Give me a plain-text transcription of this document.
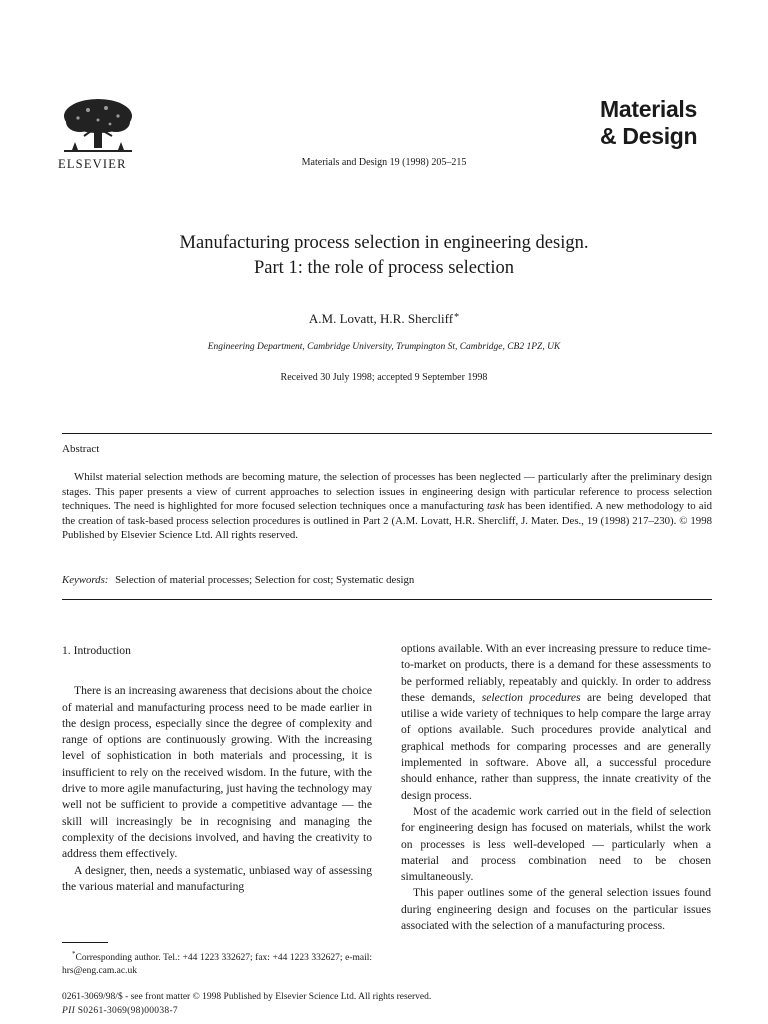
ELSEVIER	Materials and Design 19 (1998) 205–215
Materials
& Design
Manufacturing process selection in engineering design.
Part 1: the role of process selection
A.M. Lovatt, H.R. Shercliff*
Engineering Department, Cambridge University, Trumpington St, Cambridge, CB2 1PZ, UK
Received 30 July 1998; accepted 9 September 1998
Abstract
Whilst material selection methods are becoming mature, the selection of processes has been neglected — particularly after the preliminary design stages. This paper presents a view of current approaches to selection issues in engineering design with particular reference to process selection techniques. The need is highlighted for more focused selection techniques once a manufacturing task has been identified. A new methodology to aid the creation of task-based process selection procedures is outlined in Part 2 (A.M. Lovatt, H.R. Shercliff, J. Mater. Des., 19 (1998) 217–230). © 1998 Published by Elsevier Science Ltd. All rights reserved.
Keywords: Selection of material processes; Selection for cost; Systematic design

1. Introduction

There is an increasing awareness that decisions about the choice of material and manufacturing process need to be made earlier in the design process, especially since the degree of complexity and range of options are continuously growing. With the increasing level of sophistication in both materials and processing, it is insufficient to rely on the received wisdom. In the future, with the drive to more agile manufacturing, just having the technology may well not be sufficient to provide a competitive advantage — the skill will increasingly be in recognising and managing the complexity of the decisions involved, and having the creativity to address them effectively.

A designer, then, needs a systematic, unbiased way of assessing the various material and manufacturing

*Corresponding author. Tel.: +44 1223 332627; fax: +44 1223 332627; e-mail: hrs@eng.cam.ac.uk

options available. With an ever increasing pressure to reduce time-to-market on products, there is a demand for these assessments to be performed reliably, repeatably and quickly. In order to address these demands, selection procedures are being developed that utilise a wide variety of techniques to help compare the large array of options available. Such procedures provide analytical and graphical methods for comparing processes and are generally implemented in software. Above all, a successful procedure should enhance, rather than suppress, the innate creativity of the design process.

Most of the academic work carried out in the field of selection for engineering design has focused on materials, whilst the work on processes is less well-developed — particularly when a material and process combination need to be chosen simultaneously.

This paper outlines some of the general selection issues found during engineering design and focuses on the particular issues associated with the selection of a manufacturing process.

0261-3069/98/$ - see front matter © 1998 Published by Elsevier Science Ltd. All rights reserved.
PII S0261-3069(98)00038-7
